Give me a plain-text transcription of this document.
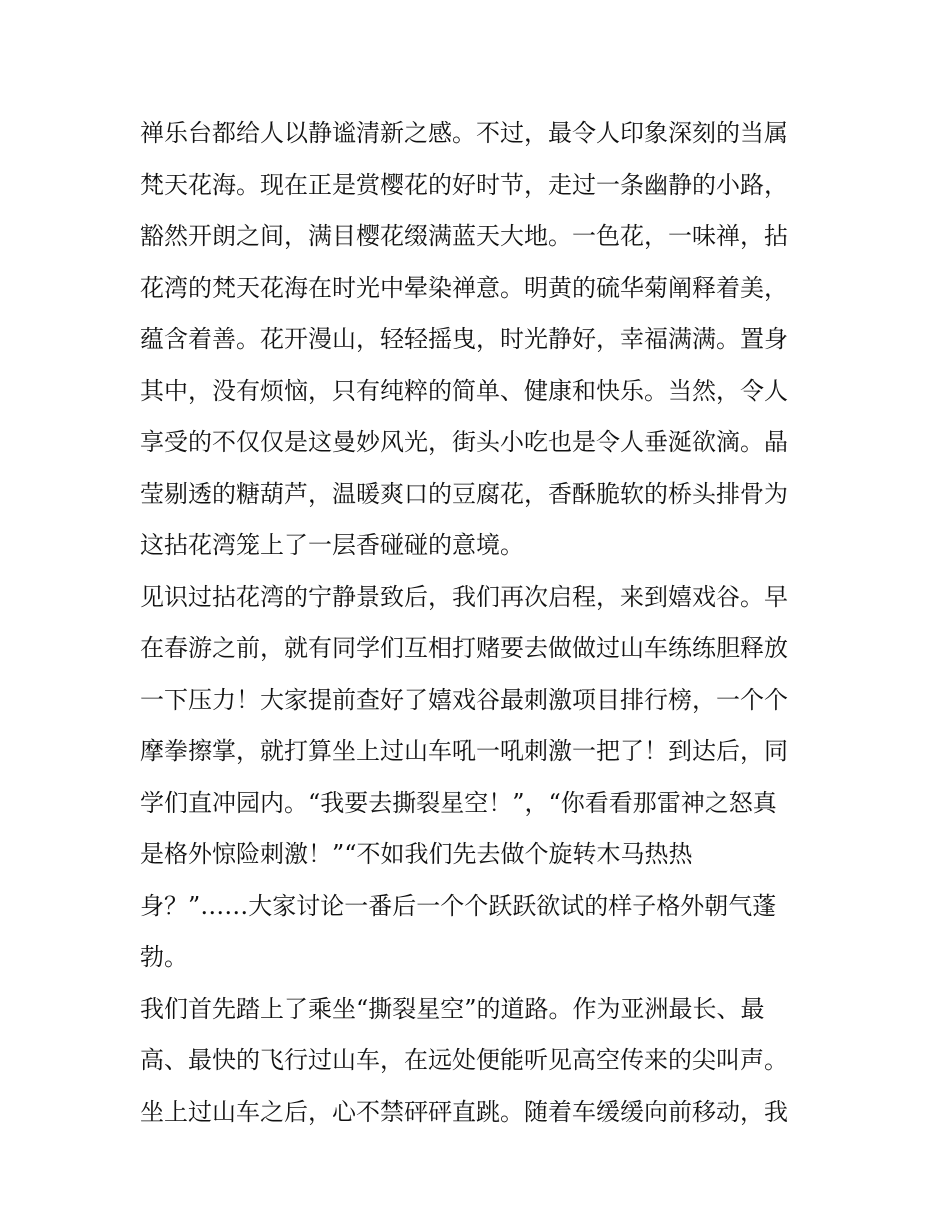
禅乐台都给人以静谧清新之感。不过，最令人印象深刻的当属
梵天花海。现在正是赏樱花的好时节，走过一条幽静的小路，
豁然开朗之间，满目樱花缀满蓝天大地。一色花，一味禅，拈
花湾的梵天花海在时光中晕染禅意。明黄的硫华菊阐释着美，
蕴含着善。花开漫山，轻轻摇曳，时光静好，幸福满满。置身
其中，没有烦恼，只有纯粹的简单、健康和快乐。当然，令人
享受的不仅仅是这曼妙风光，街头小吃也是令人垂涎欲滴。晶
莹剔透的糖葫芦，温暖爽口的豆腐花，香酥脆软的桥头排骨为
这拈花湾笼上了一层香碰碰的意境。
见识过拈花湾的宁静景致后，我们再次启程，来到嬉戏谷。早
在春游之前，就有同学们互相打赌要去做做过山车练练胆释放
一下压力！大家提前查好了嬉戏谷最刺激项目排行榜，一个个
摩拳擦掌，就打算坐上过山车吼一吼刺激一把了！到达后，同
学们直冲园内。“我要去撕裂星空！”，“你看看那雷神之怒真
是格外惊险刺激！”“不如我们先去做个旋转木马热热
身？”……大家讨论一番后一个个跃跃欲试的样子格外朝气蓬
勃。
我们首先踏上了乘坐“撕裂星空”的道路。作为亚洲最长、最
高、最快的飞行过山车，在远处便能听见高空传来的尖叫声。
坐上过山车之后，心不禁砰砰直跳。随着车缓缓向前移动，我
